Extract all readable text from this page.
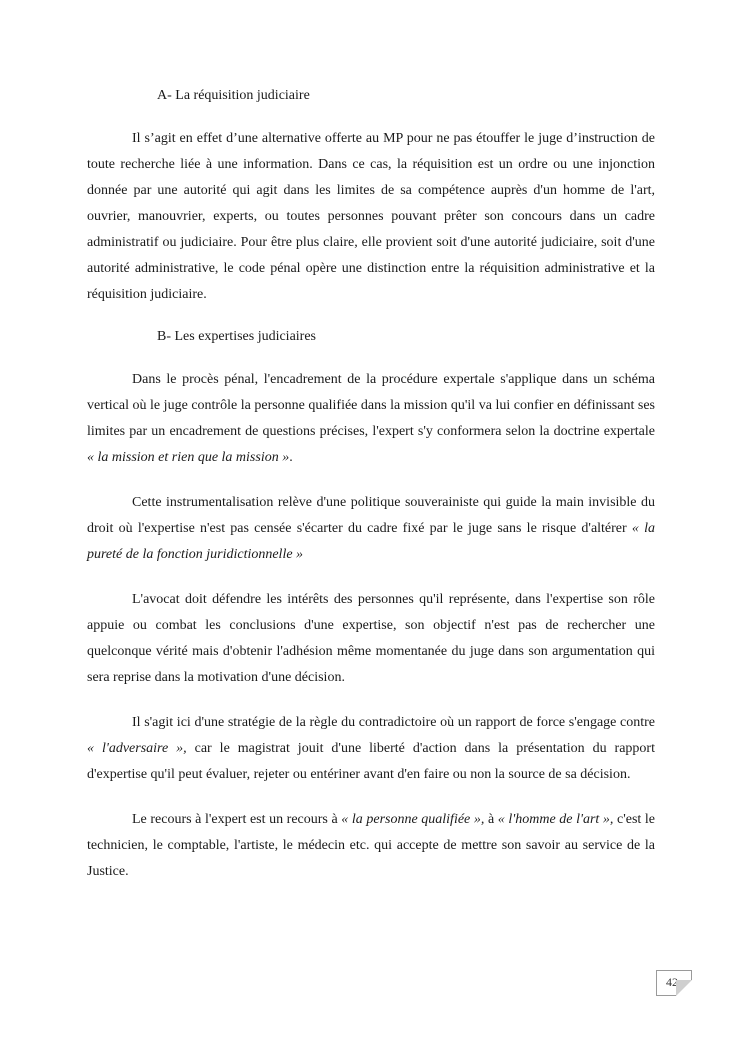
A- La réquisition judiciaire

Il s’agit en effet d’une alternative offerte au MP pour ne pas étouffer le juge d’instruction de toute recherche liée à une information. Dans ce cas, la réquisition est un ordre ou une injonction donnée par une autorité qui agit dans les limites de sa compétence auprès d'un homme de l'art, ouvrier, manouvrier, experts, ou toutes personnes pouvant prêter son concours dans un cadre administratif ou judiciaire. Pour être plus claire, elle provient soit d'une autorité judiciaire, soit d'une autorité administrative, le code pénal opère une distinction entre la réquisition administrative et la réquisition judiciaire.

B- Les expertises judiciaires

Dans le procès pénal, l'encadrement de la procédure expertale s'applique dans un schéma vertical où le juge contrôle la personne qualifiée dans la mission qu'il va lui confier en définissant ses limites par un encadrement de questions précises, l'expert s'y conformera selon la doctrine expertale « la mission et rien que la mission ».

Cette instrumentalisation relève d'une politique souverainiste qui guide la main invisible du droit où l'expertise n'est pas censée s'écarter du cadre fixé par le juge sans le risque d'altérer « la pureté de la fonction juridictionnelle »

L'avocat doit défendre les intérêts des personnes qu'il représente, dans l'expertise son rôle appuie ou combat les conclusions d'une expertise, son objectif n'est pas de rechercher une quelconque vérité mais d'obtenir l'adhésion même momentanée du juge dans son argumentation qui sera reprise dans la motivation d'une décision.

Il s'agit ici d'une stratégie de la règle du contradictoire où un rapport de force s'engage contre « l'adversaire », car le magistrat jouit d'une liberté d'action dans la présentation du rapport d'expertise qu'il peut évaluer, rejeter ou entériner avant d'en faire ou non la source de sa décision.

Le recours à l'expert est un recours à « la personne qualifiée », à « l'homme de l'art », c'est le technicien, le comptable, l'artiste, le médecin etc. qui accepte de mettre son savoir au service de la Justice.

42
